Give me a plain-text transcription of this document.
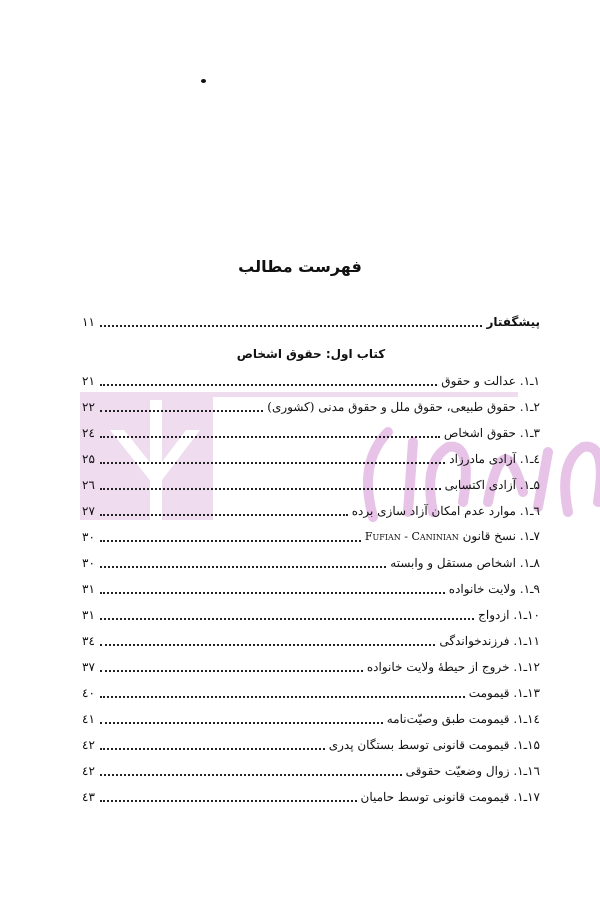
فهرست مطالب
پیشگفتار
۱۱
کتاب اول: حقوق اشخاص
۱ـ۱. عدالت و حقوق
۲۱
۲ـ۱. حقوق طبیعی، حقوق ملل و حقوق مدنی (کشوری)
۲۲
۳ـ۱. حقوق اشخاص
۲٤
٤ـ۱. آزادی مادرزاد
۲۵
۵ـ۱. آزادی اکتسابی
۲٦
٦ـ۱. موارد عدم امکان آزاد سازی برده
۲۷
۷ـ۱. نسخ قانون Fufian - Caninian
۳۰
۸ـ۱. اشخاص مستقل و وابسته
۳۰
۹ـ۱. ولایت خانواده
۳۱
۱۰ـ۱. ازدواج
۳۱
۱۱ـ۱. فرزندخواندگی
۳٤
۱۲ـ۱. خروج از حیطهٔ ولایت خانواده
۳۷
۱۳ـ۱. قیمومت
٤۰
۱٤ـ۱. قیمومت طبق وصیّت‌نامه
٤۱
۱۵ـ۱. قیمومت قانونی توسط بستگان پدری
٤۲
۱٦ـ۱. زوال وضعیّت حقوقی
٤۲
۱۷ـ۱. قیمومت قانونی توسط حامیان
٤۳
